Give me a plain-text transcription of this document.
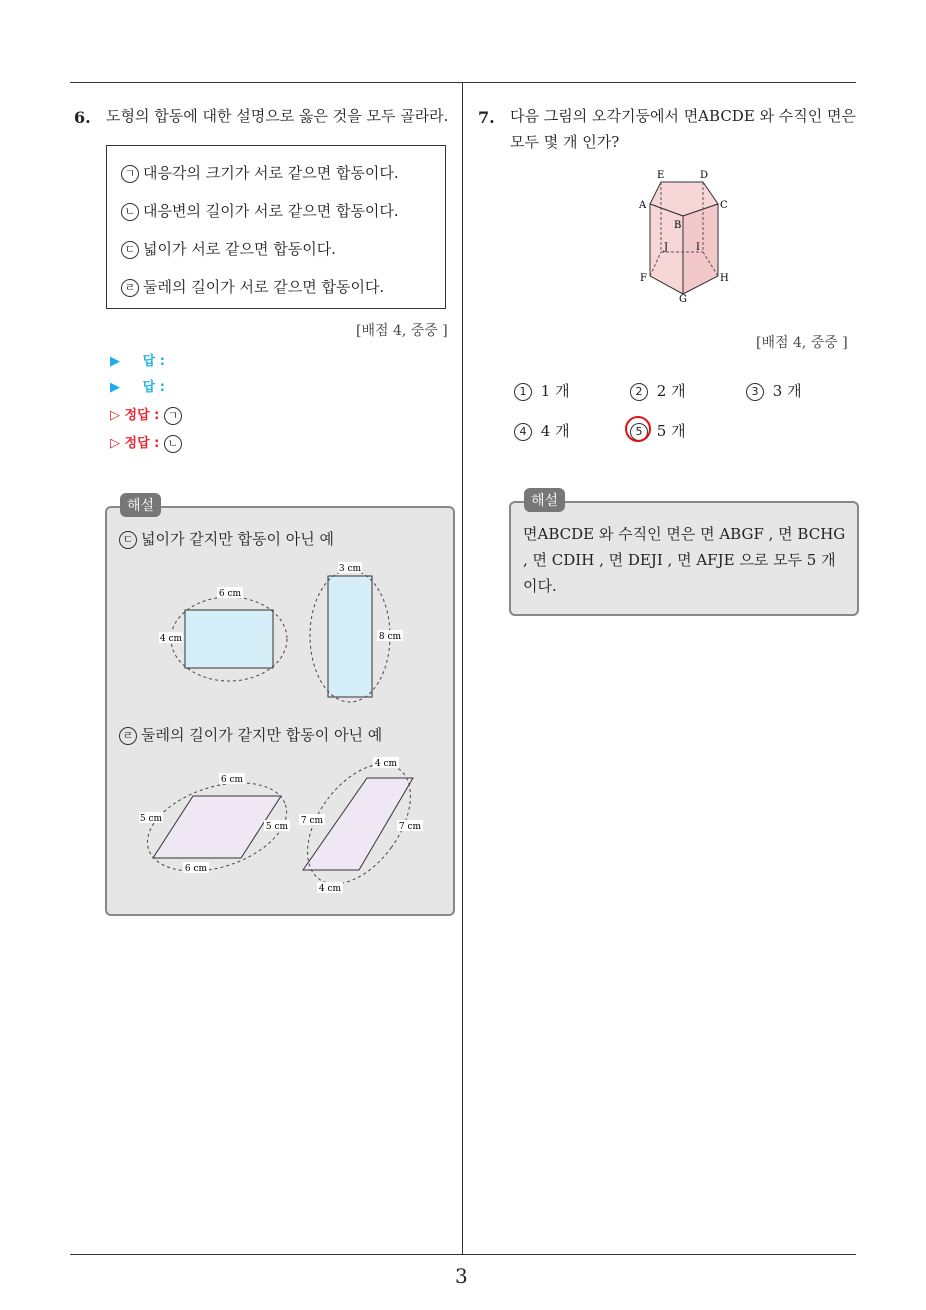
6. 도형의 합동에 대한 설명으로 옳은 것을 모두 골라라.
ㄱ 대응각의 크기가 서로 같으면 합동이다.
ㄴ 대응변의 길이가 서로 같으면 합동이다.
ㄷ 넓이가 서로 같으면 합동이다.
ㄹ 둘레의 길이가 서로 같으면 합동이다.
[배점 4, 중중 ]
▶ 답 :
▶ 답 :
▷ 정답 : ㄱ
▷ 정답 : ㄴ
ㄷ 넓이가 같지만 합동이 아닌 예
6 cm
4 cm
3 cm
8 cm
ㄹ 둘레의 길이가 같지만 합동이 아닌 예
6 cm
5 cm
5 cm
6 cm
4 cm
7 cm
7 cm
4 cm
해설
7. 다음 그림의 오각기둥에서 면ABCDE 와 수직인 면은
모두 몇 개 인가?
E	D
A	C
B
J	I
F	H
G
[배점 4, 중중 ]
1 1 개	2 2 개	3 3 개
4 4 개	5 5 개
면ABCDE 와 수직인 면은 면 ABGF , 면 BCHG
, 면 CDIH , 면 DEJI , 면 AFJE 으로 모두 5 개
이다.
해설
3
